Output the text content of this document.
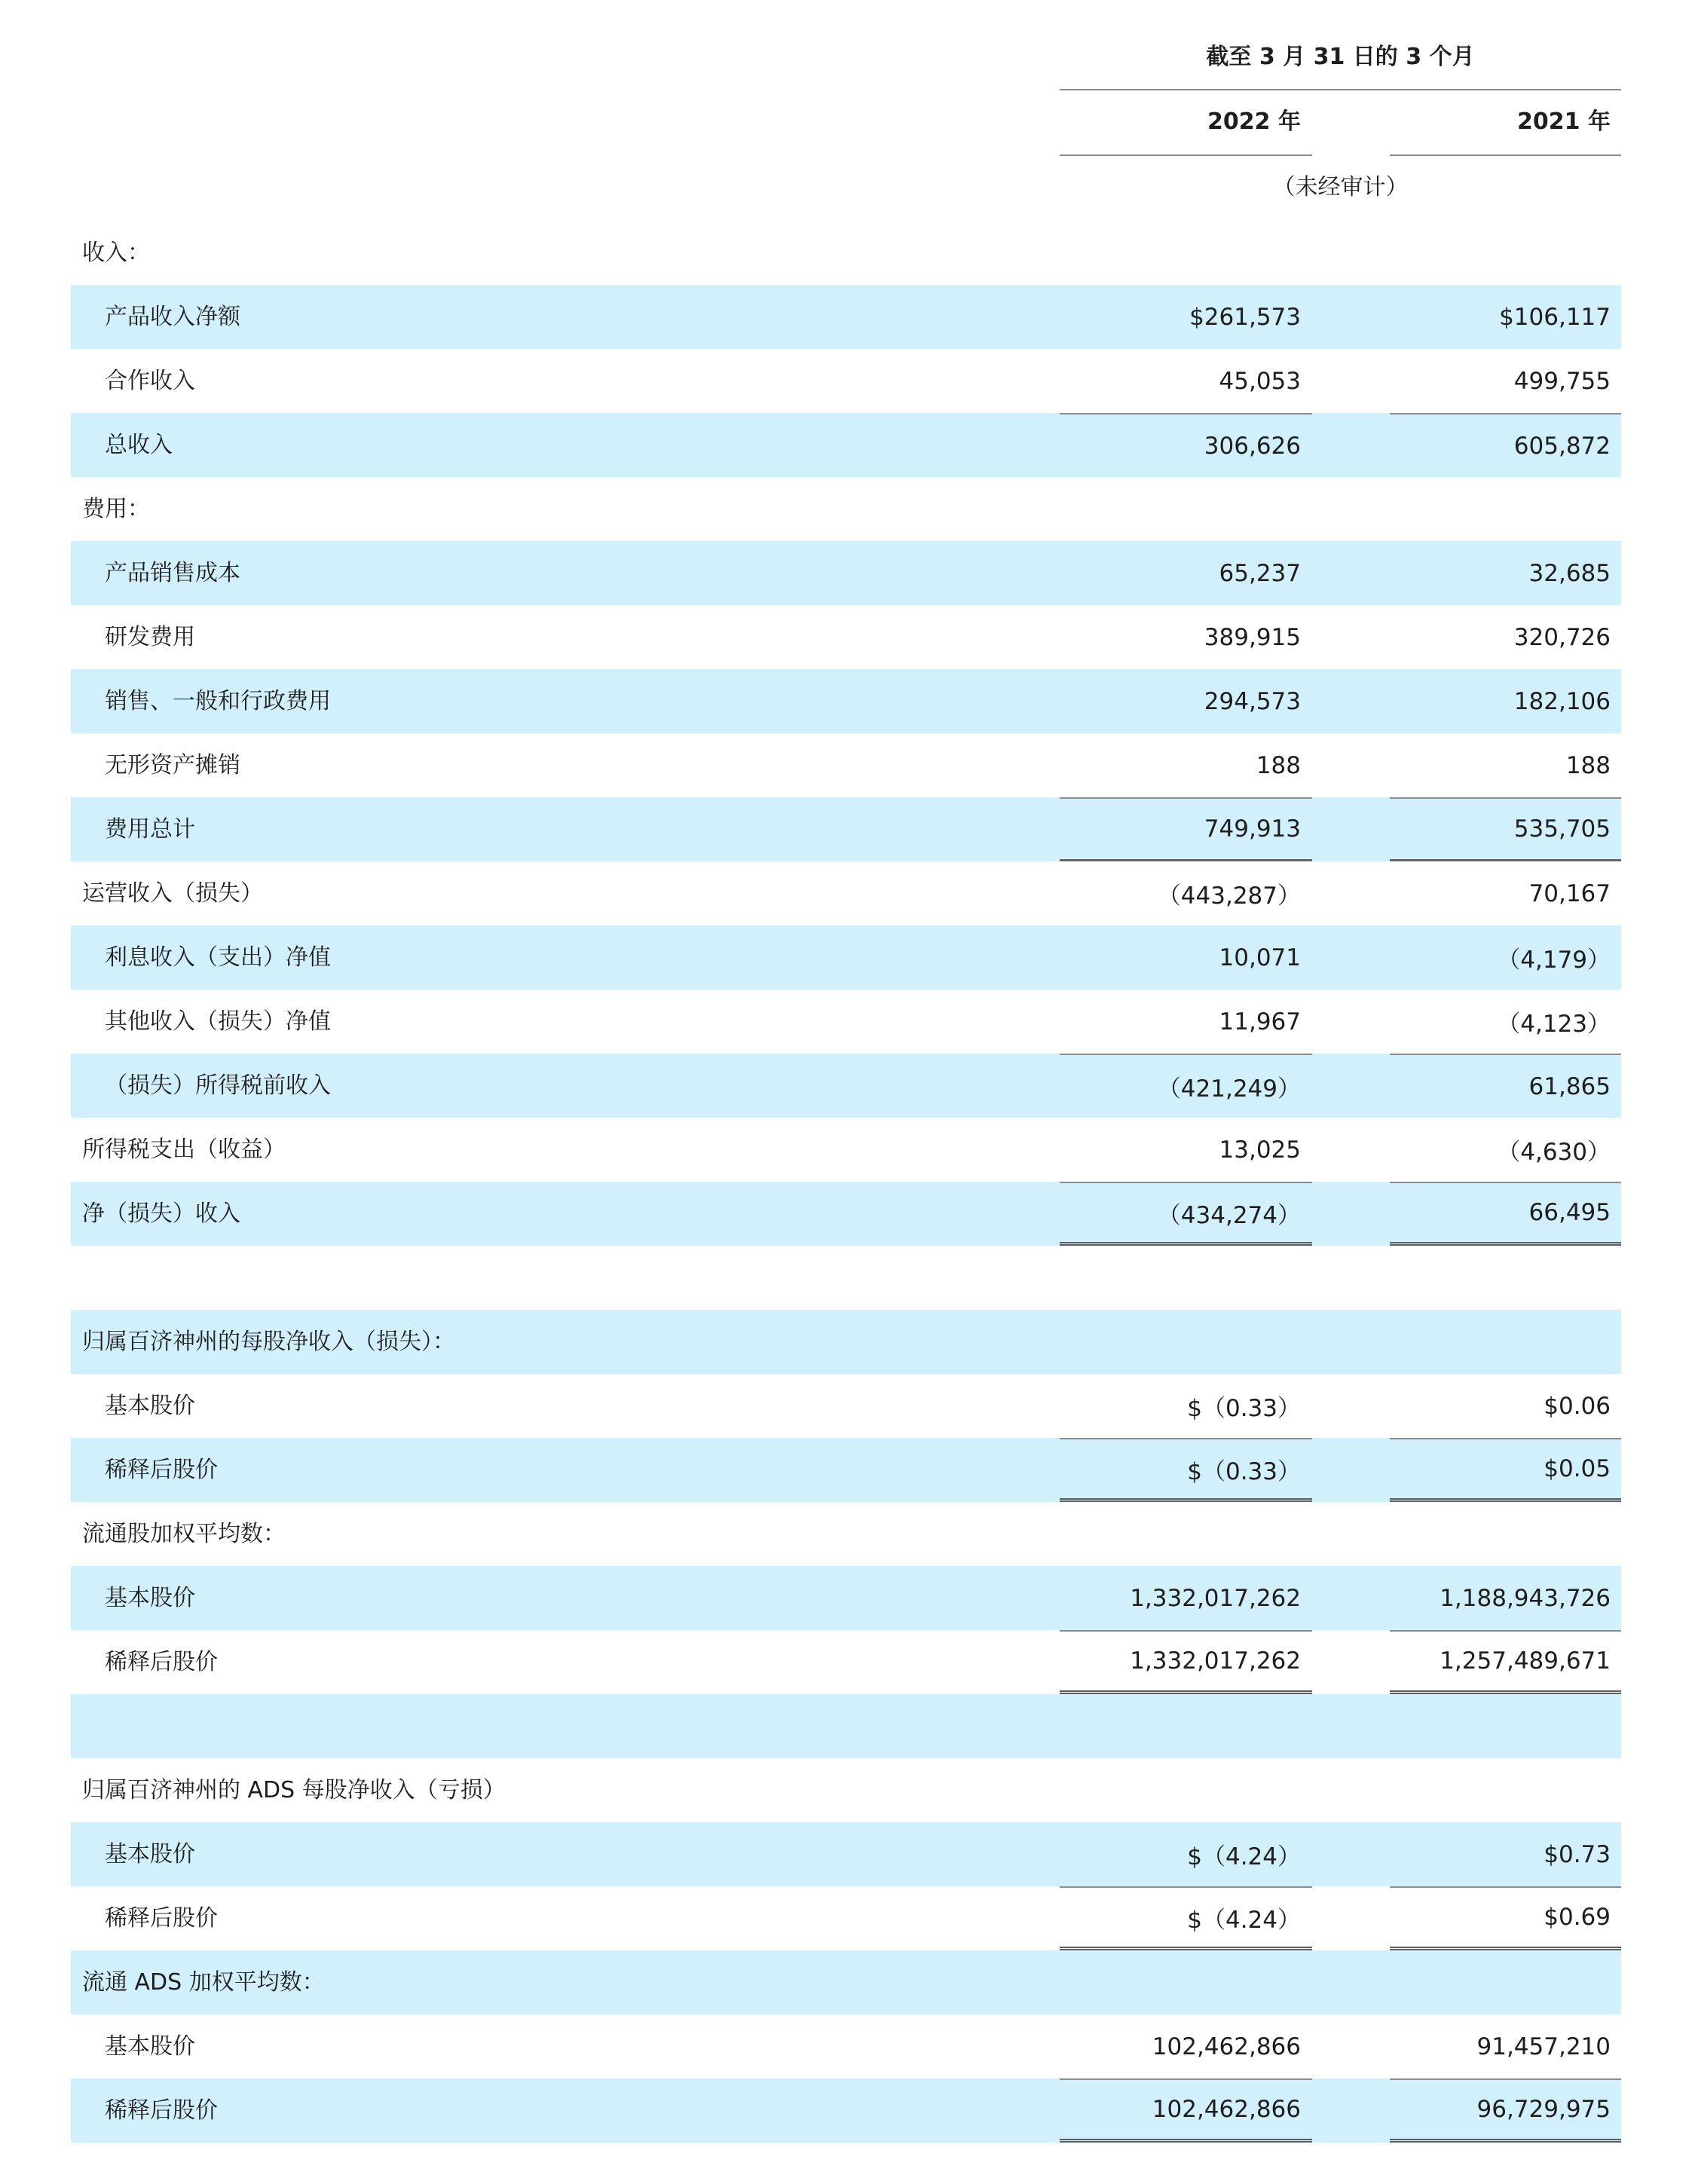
截至 3 月 31 日的 3 个月
2022 年	2021 年
（未经审计）
收入：
产品收入净额	$261,573	$106,117
合作收入	45,053	499,755
总收入	306,626	605,872
费用：
产品销售成本	65,237	32,685
研发费用	389,915	320,726
销售、一般和行政费用	294,573	182,106
无形资产摊销	188	188
费用总计	749,913	535,705
运营收入（损失）	（443,287）	70,167
利息收入（支出）净值	10,071	（4,179）
其他收入（损失）净值	11,967	（4,123）
（损失）所得税前收入	（421,249）	61,865
所得税支出（收益）	13,025	（4,630）
净（损失）收入	（434,274）	66,495
归属百济神州的每股净收入（损失）：
基本股价	$（0.33）	$0.06
稀释后股价	$（0.33）	$0.05
流通股加权平均数：
基本股价	1,332,017,262	1,188,943,726
稀释后股价	1,332,017,262	1,257,489,671
归属百济神州的 ADS 每股净收入（亏损）
基本股价	$（4.24）	$0.73
稀释后股价	$（4.24）	$0.69
流通 ADS 加权平均数：
基本股价	102,462,866	91,457,210
稀释后股价	102,462,866	96,729,975
